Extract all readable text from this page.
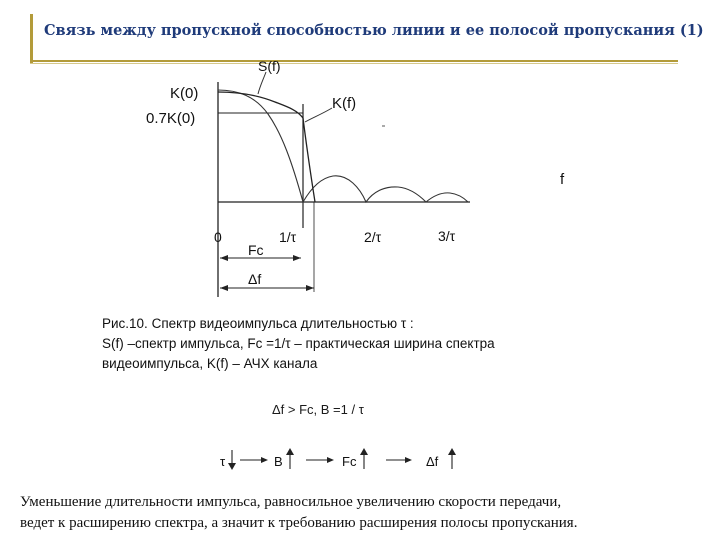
Связь между пропускной способностью линии и ее полосой пропускания (1)
S(f)
K(0)
0.7K(0)
K(f)
f
0	1/τ	2/τ	3/τ
Fc
Δf
Рис.10. Спектр видеоимпульса длительностью τ :
S(f) –спектр импульса, Fc =1/τ – практическая ширина спектра
видеоимпульса, K(f) – АЧХ канала
Δf > Fc, B =1 / τ
τ	B	Fc	Δf
Уменьшение длительности импульса, равносильное увеличению скорости передачи,
ведет к расширению спектра, а значит к требованию расширения полосы пропускания.
